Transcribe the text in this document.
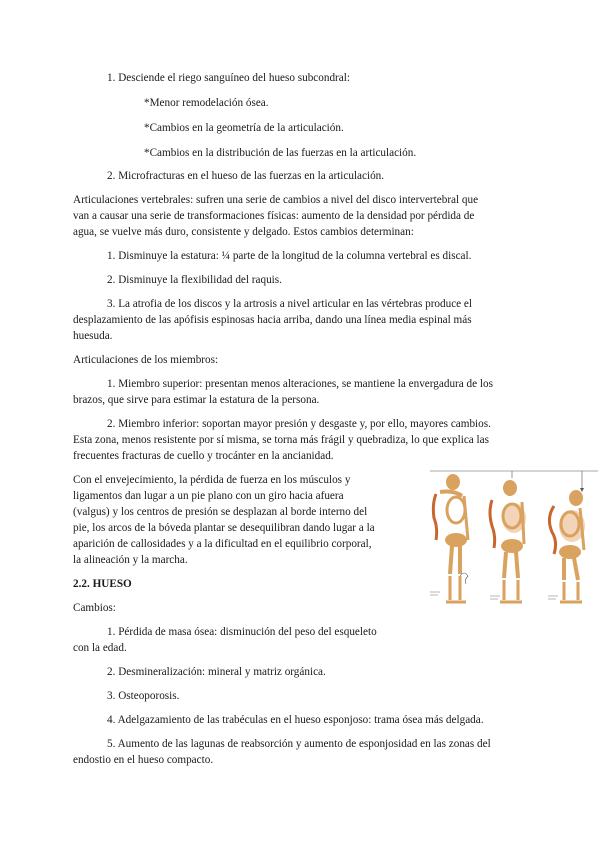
1. Desciende el riego sanguíneo del hueso subcondral:
*Menor remodelación ósea.
*Cambios en la geometría de la articulación.
*Cambios en la distribución de las fuerzas en la articulación.
2. Microfracturas en el hueso de las fuerzas en la articulación.
Articulaciones vertebrales: sufren una serie de cambios a nivel del disco intervertebral que
van a causar una serie de transformaciones físicas: aumento de la densidad por pérdida de
agua, se vuelve más duro, consistente y delgado. Estos cambios determinan:
1. Disminuye la estatura: ¼ parte de la longitud de la columna vertebral es discal.
2. Disminuye la flexibilidad del raquis.
3. La atrofia de los discos y la artrosis a nivel articular en las vértebras produce el
desplazamiento de las apófisis espinosas hacia arriba, dando una línea media espinal más
huesuda.
Articulaciones de los miembros:
1. Miembro superior: presentan menos alteraciones, se mantiene la envergadura de los
brazos, que sirve para estimar la estatura de la persona.
2. Miembro inferior: soportan mayor presión y desgaste y, por ello, mayores cambios.
Esta zona, menos resistente por sí misma, se torna más frágil y quebradiza, lo que explica las
frecuentes fracturas de cuello y trocánter en la ancianidad.
Con el envejecimiento, la pérdida de fuerza en los músculos y
ligamentos dan lugar a un pie plano con un giro hacia afuera
(valgus) y los centros de presión se desplazan al borde interno del
pie, los arcos de la bóveda plantar se desequilibran dando lugar a la
aparición de callosidades y a la dificultad en el equilibrio corporal,
la alineación y la marcha.
2.2. HUESO
Cambios:
1. Pérdida de masa ósea: disminución del peso del esqueleto
con la edad.
2. Desmineralización: mineral y matriz orgánica.
3. Osteoporosis.
4. Adelgazamiento de las trabéculas en el hueso esponjoso: trama ósea más delgada.
5. Aumento de las lagunas de reabsorción y aumento de esponjosidad en las zonas del
endostio en el hueso compacto.
